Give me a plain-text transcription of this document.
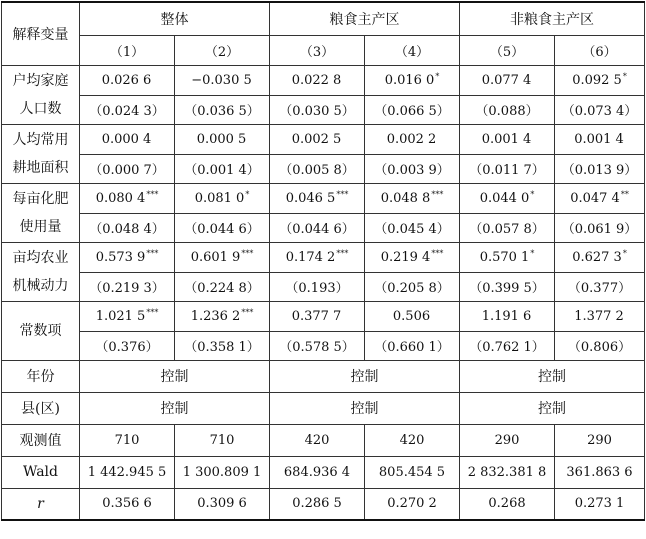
解释变量	整体		粮食主产区		非粮食主产区	
	（1）	（2）	（3）	（4）	（5）	（6）

户均家庭
人口数	0.026 6	−0.030 5	0.022 8	0.016 0*	0.077 4	0.092 5*
	（0.024 3）	（0.036 5）	（0.030 5）	（0.066 5）	（0.088）	（0.073 4）

人均常用
耕地面积	0.000 4	0.000 5	0.002 5	0.002 2	0.001 4	0.001 4
	（0.000 7）	（0.001 4）	（0.005 8）	（0.003 9）	（0.011 7）	（0.013 9）

每亩化肥
使用量	0.080 4***	0.081 0*	0.046 5***	0.048 8***	0.044 0*	0.047 4**
	（0.048 4）	（0.044 6）	（0.044 6）	（0.045 4）	（0.057 8）	（0.061 9）

亩均农业
机械动力	0.573 9***	0.601 9***	0.174 2***	0.219 4***	0.570 1*	0.627 3*
	（0.219 3）	（0.224 8）	（0.193）	（0.205 8）	（0.399 5）	（0.377）

常数项	1.021 5***	1.236 2***	0.377 7	0.506	1.191 6	1.377 2
	（0.376）	（0.358 1）	（0.578 5）	（0.660 1）	（0.762 1）	（0.806）
年份	控制		控制		控制	
县(区)	控制		控制		控制	
观测值	710	710	420	420	290	290
Wald	1 442.945 5	1 300.809 1	684.936 4	805.454 5	2 832.381 8	361.863 6
r	0.356 6	0.309 6	0.286 5	0.270 2	0.268	0.273 1
